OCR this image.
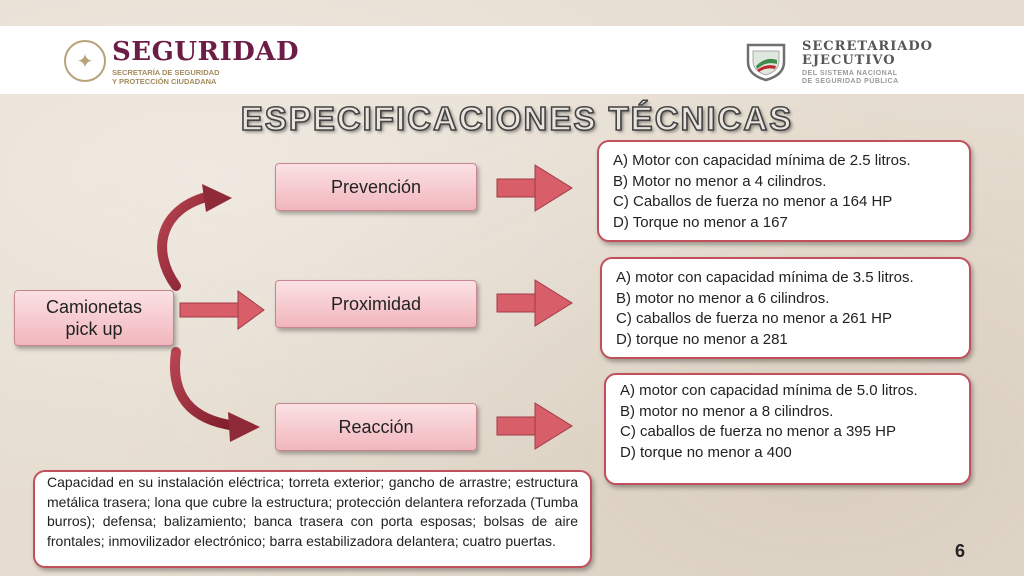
✦ SEGURIDAD
SECRETARÍA DE SEGURIDAD
Y PROTECCIÓN CIUDADANA
SECRETARIADO
EJECUTIVO
DEL SISTEMA NACIONAL
DE SEGURIDAD PÚBLICA
ESPECIFICACIONES TÉCNICAS
Camionetas pick up
Prevención
Proximidad
Reacción
A) Motor con capacidad mínima de 2.5 litros.
B) Motor no menor a 4 cilindros.
C) Caballos de fuerza no menor a 164 HP
D) Torque no menor a 167
A) motor con capacidad mínima de 3.5 litros.
B) motor no menor a 6 cilindros.
C) caballos de fuerza no menor a 261 HP
D) torque no menor a 281
A) motor con capacidad mínima de 5.0 litros.
B) motor no menor a 8 cilindros.
C) caballos de fuerza no menor a 395 HP
D) torque no menor a 400
Capacidad en su instalación eléctrica; torreta exterior; gancho de arrastre; estructura metálica trasera; lona que cubre la estructura; protección delantera reforzada (Tumba burros); defensa; balizamiento; banca trasera con porta esposas; bolsas de aire frontales; inmovilizador electrónico; barra estabilizadora delantera; cuatro puertas.
6
